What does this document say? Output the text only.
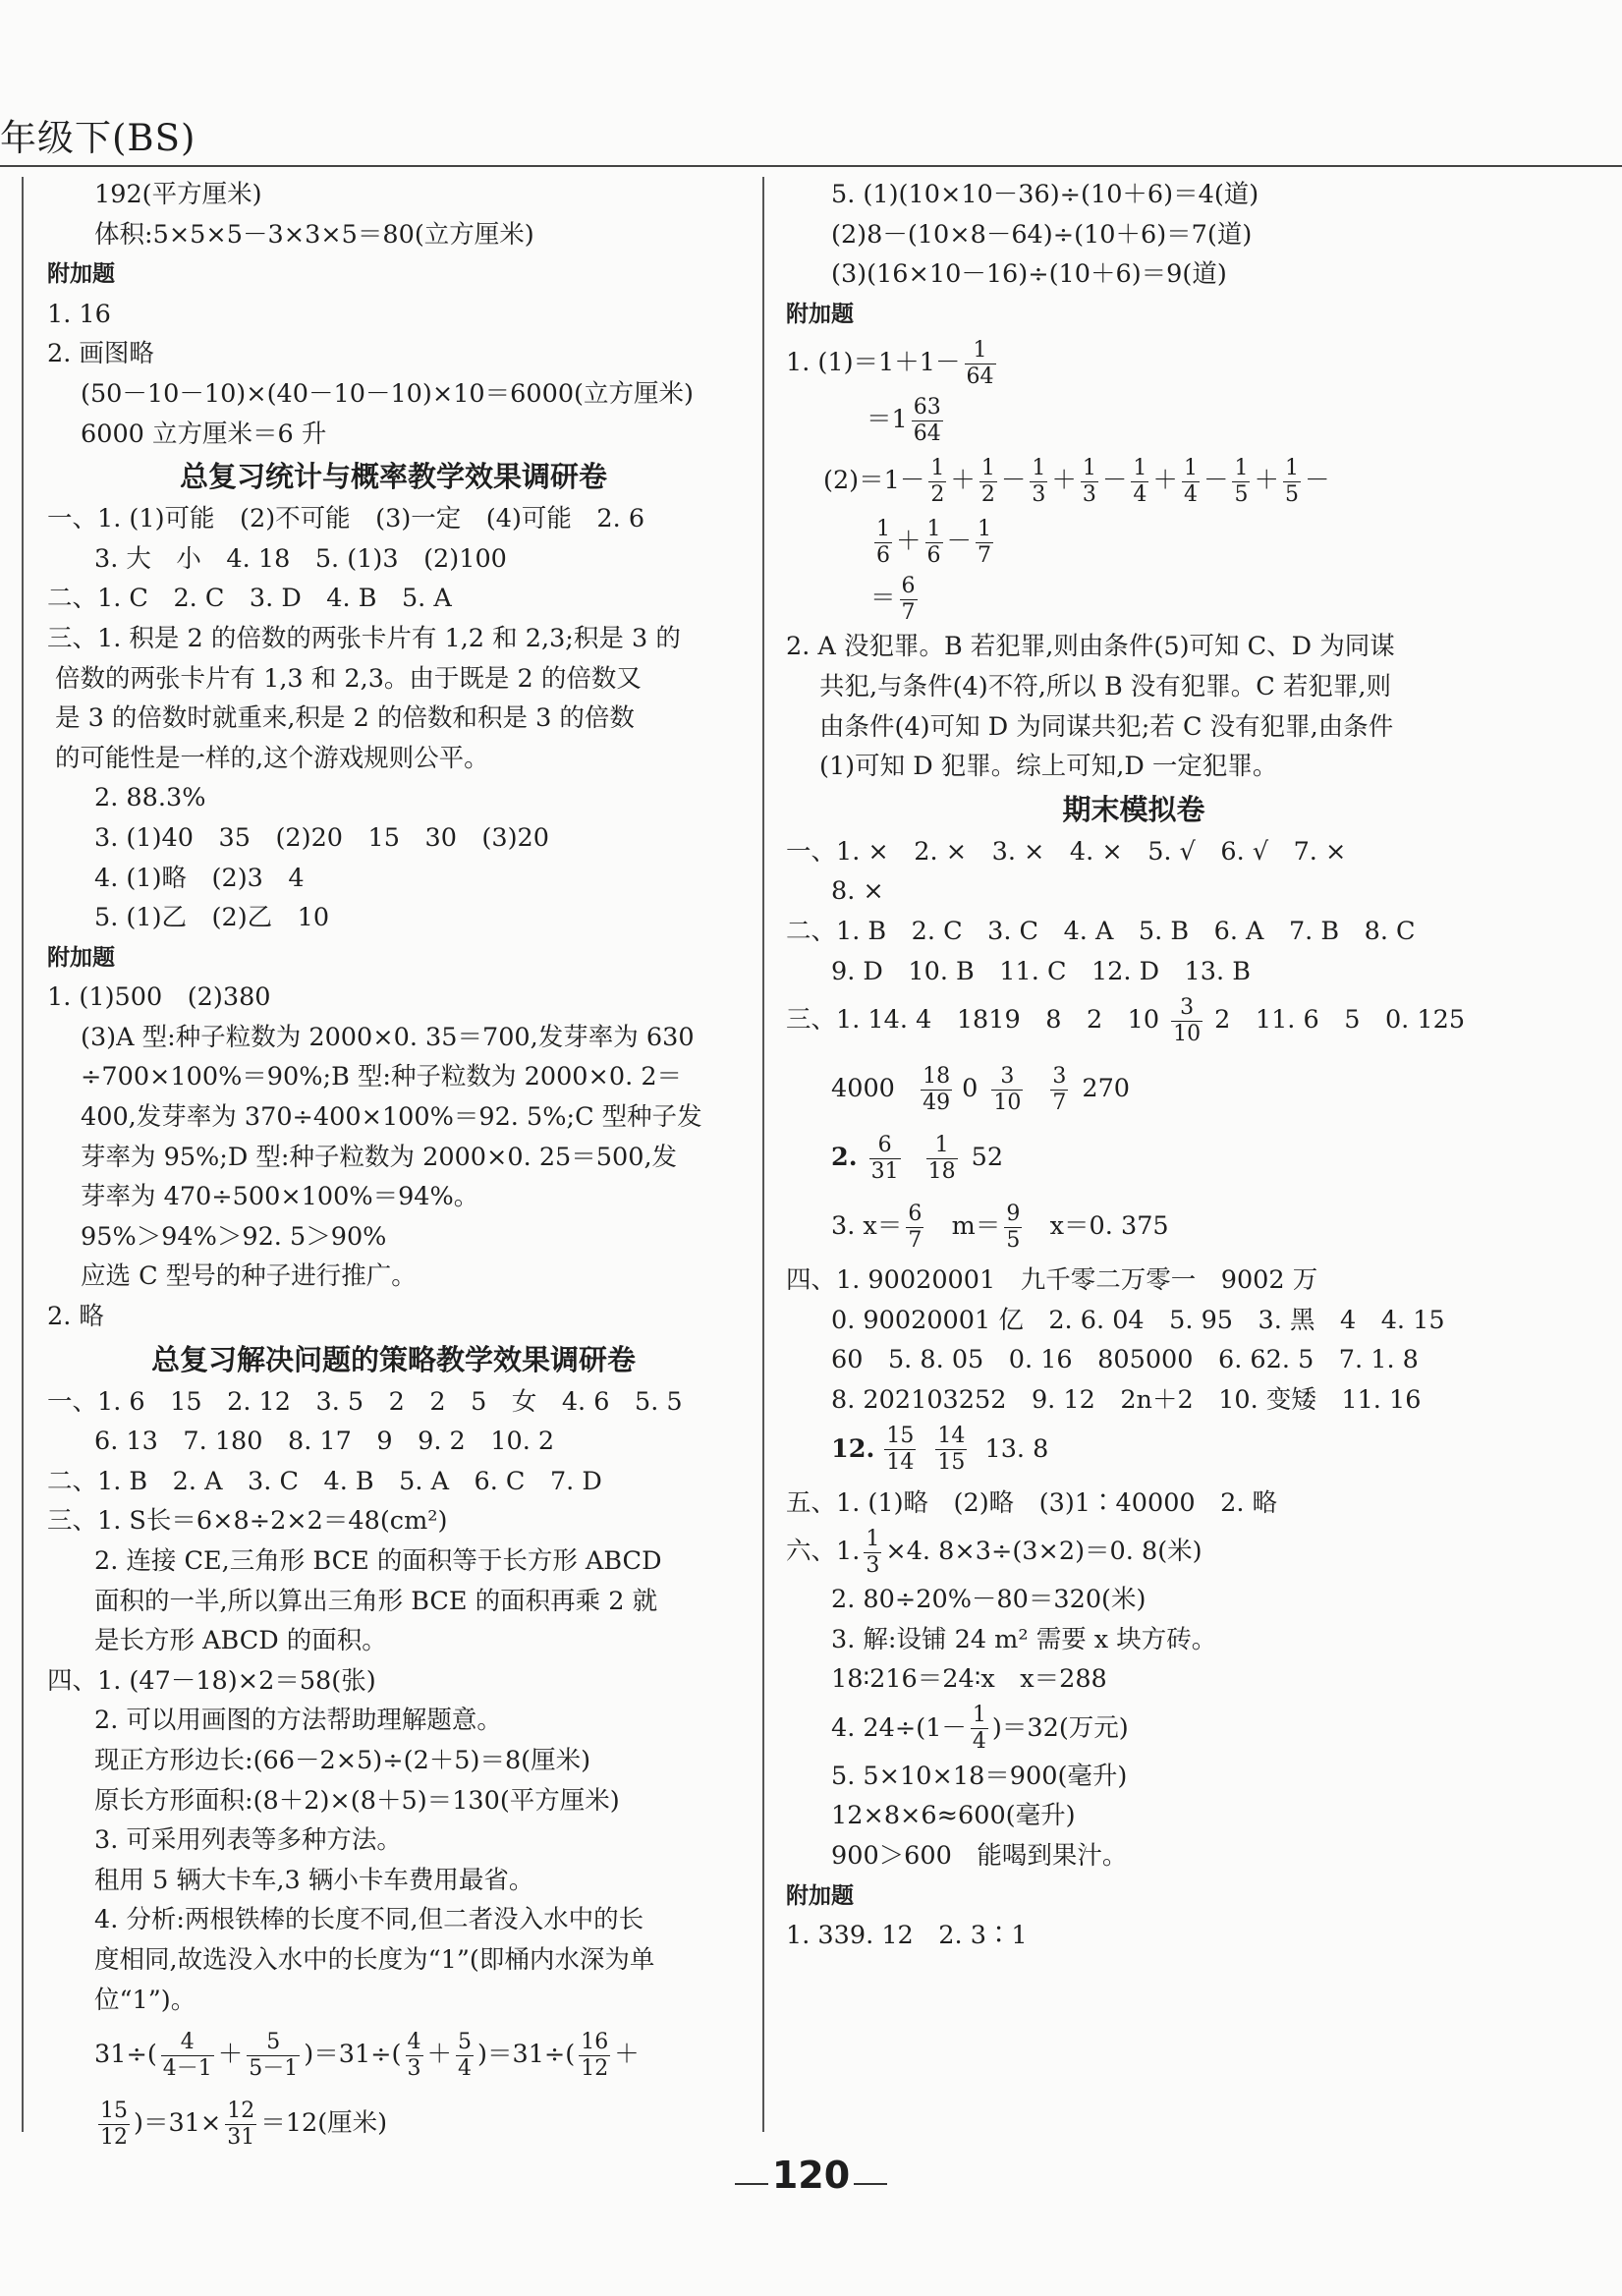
年级下(BS)
192(平方厘米)
体积:5×5×5－3×3×5＝80(立方厘米)
附加题
1. 16
2. 画图略
(50－10－10)×(40－10－10)×10＝6000(立方厘米)
6000 立方厘米＝6 升
总复习统计与概率教学效果调研卷
一、1. (1)可能　(2)不可能　(3)一定　(4)可能　2. 6
3. 大　小　4. 18　5. (1)3　(2)100
二、1. C　2. C　3. D　4. B　5. A
三、1. 积是 2 的倍数的两张卡片有 1,2 和 2,3;积是 3 的
倍数的两张卡片有 1,3 和 2,3。由于既是 2 的倍数又
是 3 的倍数时就重来,积是 2 的倍数和积是 3 的倍数
的可能性是一样的,这个游戏规则公平。
2. 88.3%
3. (1)40　35　(2)20　15　30　(3)20
4. (1)略　(2)3　4
5. (1)乙　(2)乙　10
附加题
1. (1)500　(2)380
(3)A 型:种子粒数为 2000×0. 35＝700,发芽率为 630
÷700×100%＝90%;B 型:种子粒数为 2000×0. 2＝
400,发芽率为 370÷400×100%＝92. 5%;C 型种子发
芽率为 95%;D 型:种子粒数为 2000×0. 25＝500,发
芽率为 470÷500×100%＝94%。
95%＞94%＞92. 5＞90%
应选 C 型号的种子进行推广。
2. 略
总复习解决问题的策略教学效果调研卷
一、1. 6　15　2. 12　3. 5　2　2　5　女　4. 6　5. 5
6. 13　7. 180　8. 17　9　9. 2　10. 2
二、1. B　2. A　3. C　4. B　5. A　6. C　7. D
三、1. S长＝6×8÷2×2＝48(cm²)
2. 连接 CE,三角形 BCE 的面积等于长方形 ABCD
面积的一半,所以算出三角形 BCE 的面积再乘 2 就
是长方形 ABCD 的面积。
四、1. (47－18)×2＝58(张)
2. 可以用画图的方法帮助理解题意。
现正方形边长:(66－2×5)÷(2＋5)＝8(厘米)
原长方形面积:(8＋2)×(8＋5)＝130(平方厘米)
3. 可采用列表等多种方法。
租用 5 辆大卡车,3 辆小卡车费用最省。
4. 分析:两根铁棒的长度不同,但二者没入水中的长
度相同,故选没入水中的长度为“1”(即桶内水深为单
位“1”)。
$31\div( \frac{4}{4-1} + \frac{5}{5-1} )=31\div( \frac{4}{3} + \frac{5}{4} )=31\div( \frac{16}{12}$ ＋
$\frac{15}{12} )=31\times \frac{12}{31} =12$(厘米)
5. (1)(10×10－36)÷(10＋6)＝4(道)
(2)8－(10×8－64)÷(10＋6)＝7(道)
(3)(16×10－16)÷(10＋6)＝9(道)
附加题
1. $(1)=1+1- \frac{1}{64}$
$=1 \frac{63}{64}$
$(2)=1- \frac{1}{2} + \frac{1}{2} - \frac{1}{3} + \frac{1}{3} - \frac{1}{4} + \frac{1}{4} - \frac{1}{5} + \frac{1}{5}$ －
$\frac{1}{6} + \frac{1}{6} - \frac{1}{7}$
＝ $\frac{6}{7}$
2. A 没犯罪。B 若犯罪,则由条件(5)可知 C、D 为同谋
共犯,与条件(4)不符,所以 B 没有犯罪。C 若犯罪,则
由条件(4)可知 D 为同谋共犯;若 C 没有犯罪,由条件
(1)可知 D 犯罪。综上可知,D 一定犯罪。
期末模拟卷
一、1. ×　2. ×　3. ×　4. ×　5. √　6. √　7. ×
8. ×
二、1. B　2. C　3. C　4. A　5. B　6. A　7. B　8. C
9. D　10. B　11. C　12. D　13. B
三、1. 14. 4　1819　8　2　$10 \frac{3}{10} 2$　11. 6　5　0. 125
$4000 \frac{18}{49} 0 \frac{3}{10} \frac{3}{7} 270$
2. $\frac{6}{31} \frac{1}{18} 52$
3. $x= \frac{6}{7} m= \frac{9}{5} x=0$. 375
四、1. 90020001　九千零二万零一　9002 万
0. 90020001 亿　2. 6. 04　5. 95　3. 黑　4　4. 15
60　5. 8. 05　0. 16　805000　6. 62. 5　7. 1. 8
8. 202103252　9. 12　2n＋2　10. 变矮　11. 16
12. $\frac{15}{14} \frac{14}{15} 13$. 8
五、1. (1)略　(2)略　(3)1∶40000　2. 略
六、1. $\frac{1}{3} \times 4$. 8×3÷(3×2)＝0. 8(米)
2. 80÷20%－80＝320(米)
3. 解:设铺 24 m² 需要 x 块方砖。
18∶216＝24∶x　x＝288
4. $24\div(1- \frac{1}{4} )=32$(万元)
5. 5×10×18＝900(毫升)
12×8×6≈600(毫升)
900＞600　能喝到果汁。
附加题
1. 339. 12　2. 3∶1
120
